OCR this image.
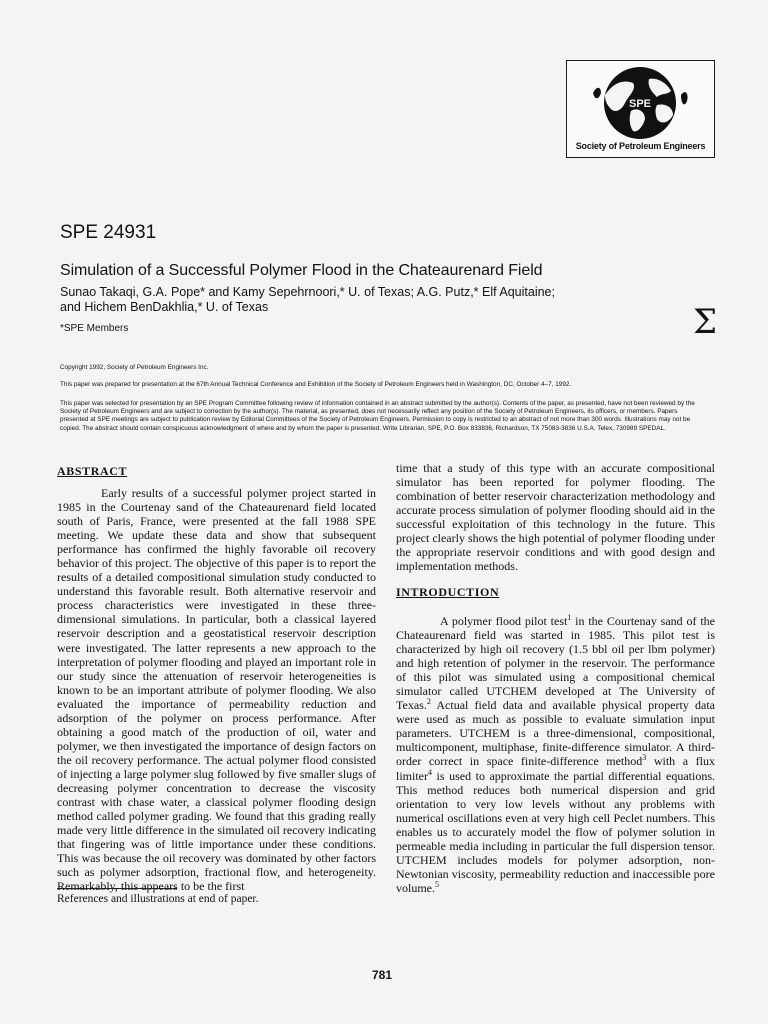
SPE
Society of Petroleum Engineers
SPE 24931
Simulation of a Successful Polymer Flood in the Chateaurenard Field
Sunao Takaqi, G.A. Pope* and Kamy Sepehrnoori,* U. of Texas; A.G. Putz,* Elf Aquitaine;
and Hichem BenDakhlia,* U. of Texas
*SPE Members	Σ
Copyright 1992, Society of Petroleum Engineers Inc.
This paper was prepared for presentation at the 67th Annual Technical Conference and Exhibition of the Society of Petroleum Engineers held in Washington, DC, October 4–7, 1992.
This paper was selected for presentation by an SPE Program Committee following review of information contained in an abstract submitted by the author(s). Contents of the paper, as presented, have not been reviewed by the Society of Petroleum Engineers and are subject to correction by the author(s). The material, as presented, does not necessarily reflect any position of the Society of Petroleum Engineers, its officers, or members. Papers presented at SPE meetings are subject to publication review by Editorial Committees of the Society of Petroleum Engineers. Permission to copy is restricted to an abstract of not more than 300 words. Illustrations may not be copied. The abstract should contain conspicuous acknowledgment of where and by whom the paper is presented. Write Librarian, SPE, P.O. Box 833836, Richardson, TX 75083-3836 U.S.A. Telex, 730989 SPEDAL.
ABSTRACT

Early results of a successful polymer project started in 1985 in the Courtenay sand of the Chateaurenard field located south of Paris, France, were presented at the fall 1988 SPE meeting. We update these data and show that subsequent performance has confirmed the highly favorable oil recovery behavior of this project. The objective of this paper is to report the results of a detailed compositional simulation study conducted to understand this favorable result. Both alternative reservoir and process characteristics were investigated in these three-dimensional simulations. In particular, both a classical layered reservoir description and a geostatistical reservoir description were investigated. The latter represents a new approach to the interpretation of polymer flooding and played an important role in our study since the attenuation of reservoir heterogeneities is known to be an important attribute of polymer flooding. We also evaluated the importance of permeability reduction and adsorption of the polymer on process performance. After obtaining a good match of the production of oil, water and polymer, we then investigated the importance of design factors on the oil recovery performance. The actual polymer flood consisted of injecting a large polymer slug followed by five smaller slugs of decreasing polymer concentration to decrease the viscosity contrast with chase water, a classical polymer flooding design method called polymer grading. We found that this grading really made very little difference in the simulated oil recovery indicating that fingering was of little importance under these conditions. This was because the oil recovery was dominated by other factors such as polymer adsorption, fractional flow, and heterogeneity. Remarkably, this appears to be the first

time that a study of this type with an accurate compositional simulator has been reported for polymer flooding. The combination of better reservoir characterization methodology and accurate process simulation of polymer flooding should aid in the successful exploitation of this technology in the future. This project clearly shows the high potential of polymer flooding under the appropriate reservoir conditions and with good design and implementation methods.

INTRODUCTION

A polymer flood pilot test$^1$ in the Courtenay sand of the Chateaurenard field was started in 1985. This pilot test is characterized by high oil recovery (1.5 bbl oil per lbm polymer) and high retention of polymer in the reservoir. The performance of this pilot was simulated using a compositional chemical simulator called UTCHEM developed at The University of Texas.$^2$ Actual field data and available physical property data were used as much as possible to evaluate simulation input parameters. UTCHEM is a three-dimensional, compositional, multicomponent, multiphase, finite-difference simulator. A third-order correct in space finite-difference method$^3$ with a flux limiter$^4$ is used to approximate the partial differential equations. This method reduces both numerical dispersion and grid orientation to very low levels without any problems with numerical oscillations even at very high cell Peclet numbers. This enables us to accurately model the flow of polymer solution in permeable media including in particular the full dispersion tensor. UTCHEM includes models for polymer adsorption, non-Newtonian viscosity, permeability reduction and inaccessible pore volume.$^5$

References and illustrations at end of paper.
781
